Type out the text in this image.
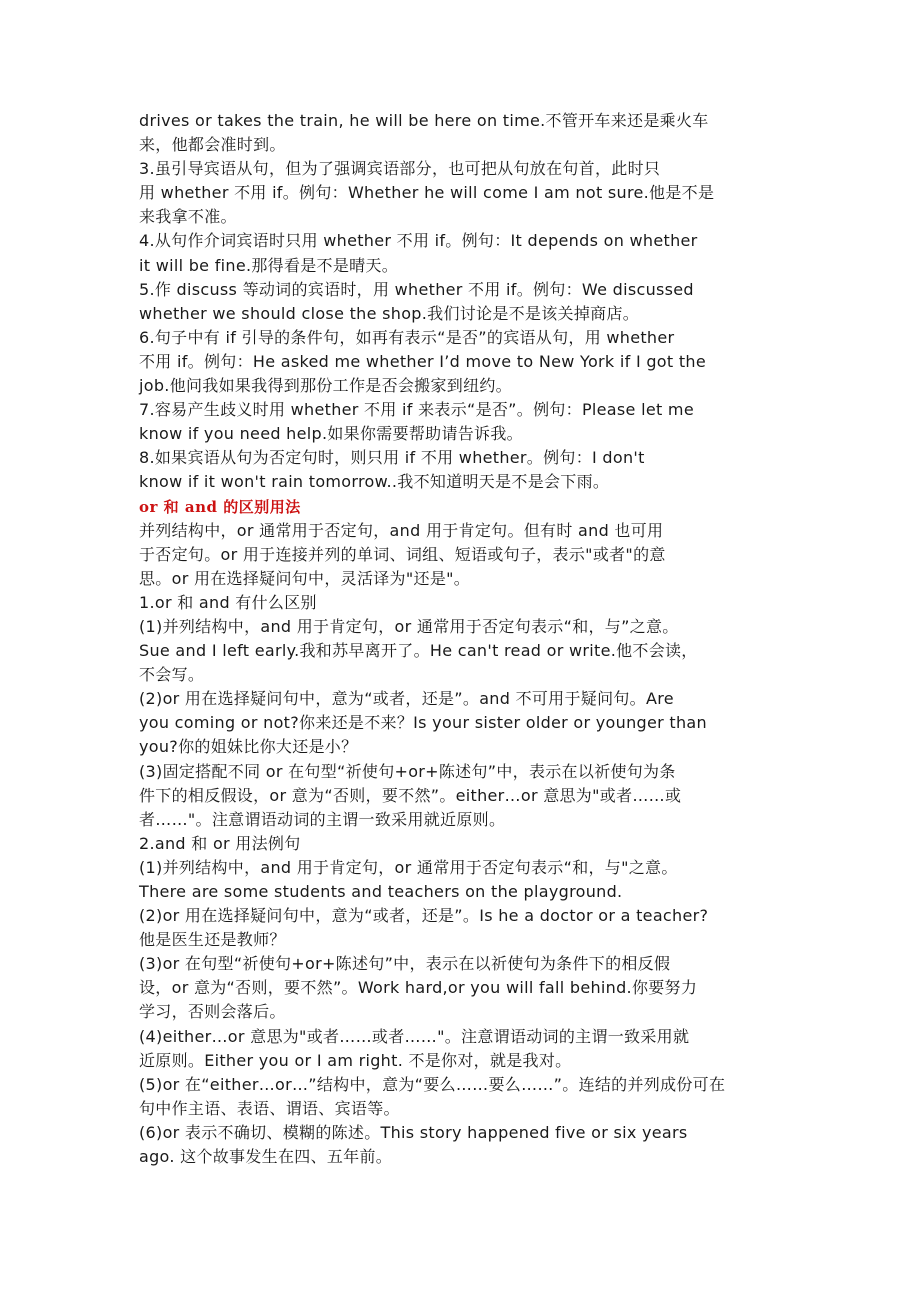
drives or takes the train, he will be here on time.不管开车来还是乘火车
来，他都会准时到。
3.虽引导宾语从句，但为了强调宾语部分，也可把从句放在句首，此时只
用 whether 不用 if。例句：Whether he will come I am not sure.他是不是
来我拿不准。
4.从句作介词宾语时只用 whether 不用 if。例句：It depends on whether
it will be fine.那得看是不是晴天。
5.作 discuss 等动词的宾语时，用 whether 不用 if。例句：We discussed
whether we should close the shop.我们讨论是不是该关掉商店。
6.句子中有 if 引导的条件句，如再有表示“是否”的宾语从句，用 whether
不用 if。例句：He asked me whether I’d move to New York if I got the
job.他问我如果我得到那份工作是否会搬家到纽约。
7.容易产生歧义时用 whether 不用 if 来表示“是否”。例句：Please let me
know if you need help.如果你需要帮助请告诉我。
8.如果宾语从句为否定句时，则只用 if 不用 whether。例句：I don't
know if it won't rain tomorrow..我不知道明天是不是会下雨。
or 和 and 的区别用法
并列结构中，or 通常用于否定句，and 用于肯定句。但有时 and 也可用
于否定句。or 用于连接并列的单词、词组、短语或句子，表示"或者"的意
思。or 用在选择疑问句中，灵活译为"还是"。
1.or 和 and 有什么区别
(1)并列结构中，and 用于肯定句，or 通常用于否定句表示“和，与”之意。
Sue and I left early.我和苏早离开了。He can't read or write.他不会读，
不会写。
(2)or 用在选择疑问句中，意为“或者，还是”。and 不可用于疑问句。Are
you coming or not?你来还是不来？Is your sister older or younger than
you?你的姐妹比你大还是小？
(3)固定搭配不同 or 在句型“祈使句+or+陈述句”中，表示在以祈使句为条
件下的相反假设，or 意为“否则，要不然”。either…or 意思为"或者……或
者……"。注意谓语动词的主谓一致采用就近原则。
2.and 和 or 用法例句
(1)并列结构中，and 用于肯定句，or 通常用于否定句表示“和，与"之意。
There are some students and teachers on the playground.
(2)or 用在选择疑问句中，意为“或者，还是”。Is he a doctor or a teacher?
他是医生还是教师？
(3)or 在句型“祈使句+or+陈述句”中，表示在以祈使句为条件下的相反假
设，or 意为“否则，要不然”。Work hard,or you will fall behind.你要努力
学习，否则会落后。
(4)either…or 意思为"或者……或者……"。注意谓语动词的主谓一致采用就
近原则。Either you or I am right. 不是你对，就是我对。
(5)or 在“either…or…”结构中，意为“要么……要么……”。连结的并列成份可在
句中作主语、表语、谓语、宾语等。
(6)or 表示不确切、模糊的陈述。This story happened five or six years
ago. 这个故事发生在四、五年前。
